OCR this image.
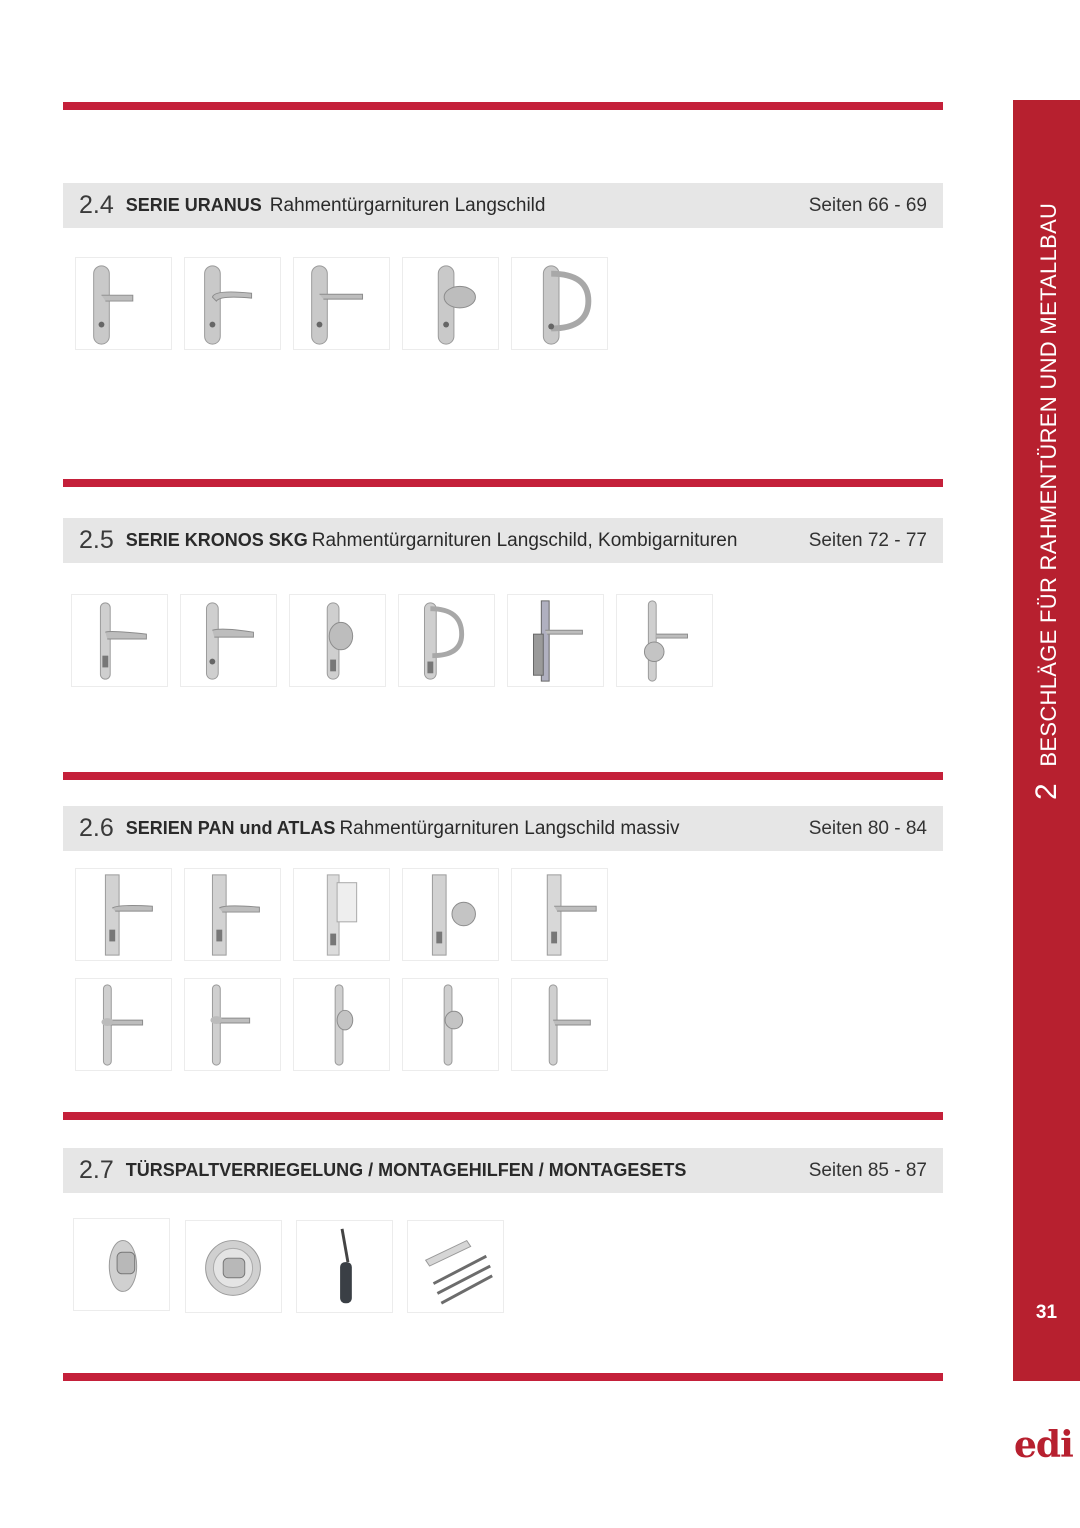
2.4 SERIE URANUS Rahmentürgarnituren Langschild	Seiten 66 - 69
2.5 SERIE KRONOS SKG Rahmentürgarnituren Langschild, Kombigarnituren	Seiten 72 - 77
2.6 SERIEN PAN und ATLAS Rahmentürgarnituren Langschild massiv	Seiten 80 - 84
2.7 TÜRSPALTVERRIEGELUNG / MONTAGEHILFEN / MONTAGESETS	Seiten 85 - 87
2 BESCHLÄGE FÜR RAHMENTÜREN UND METALLBAU
31
edi
